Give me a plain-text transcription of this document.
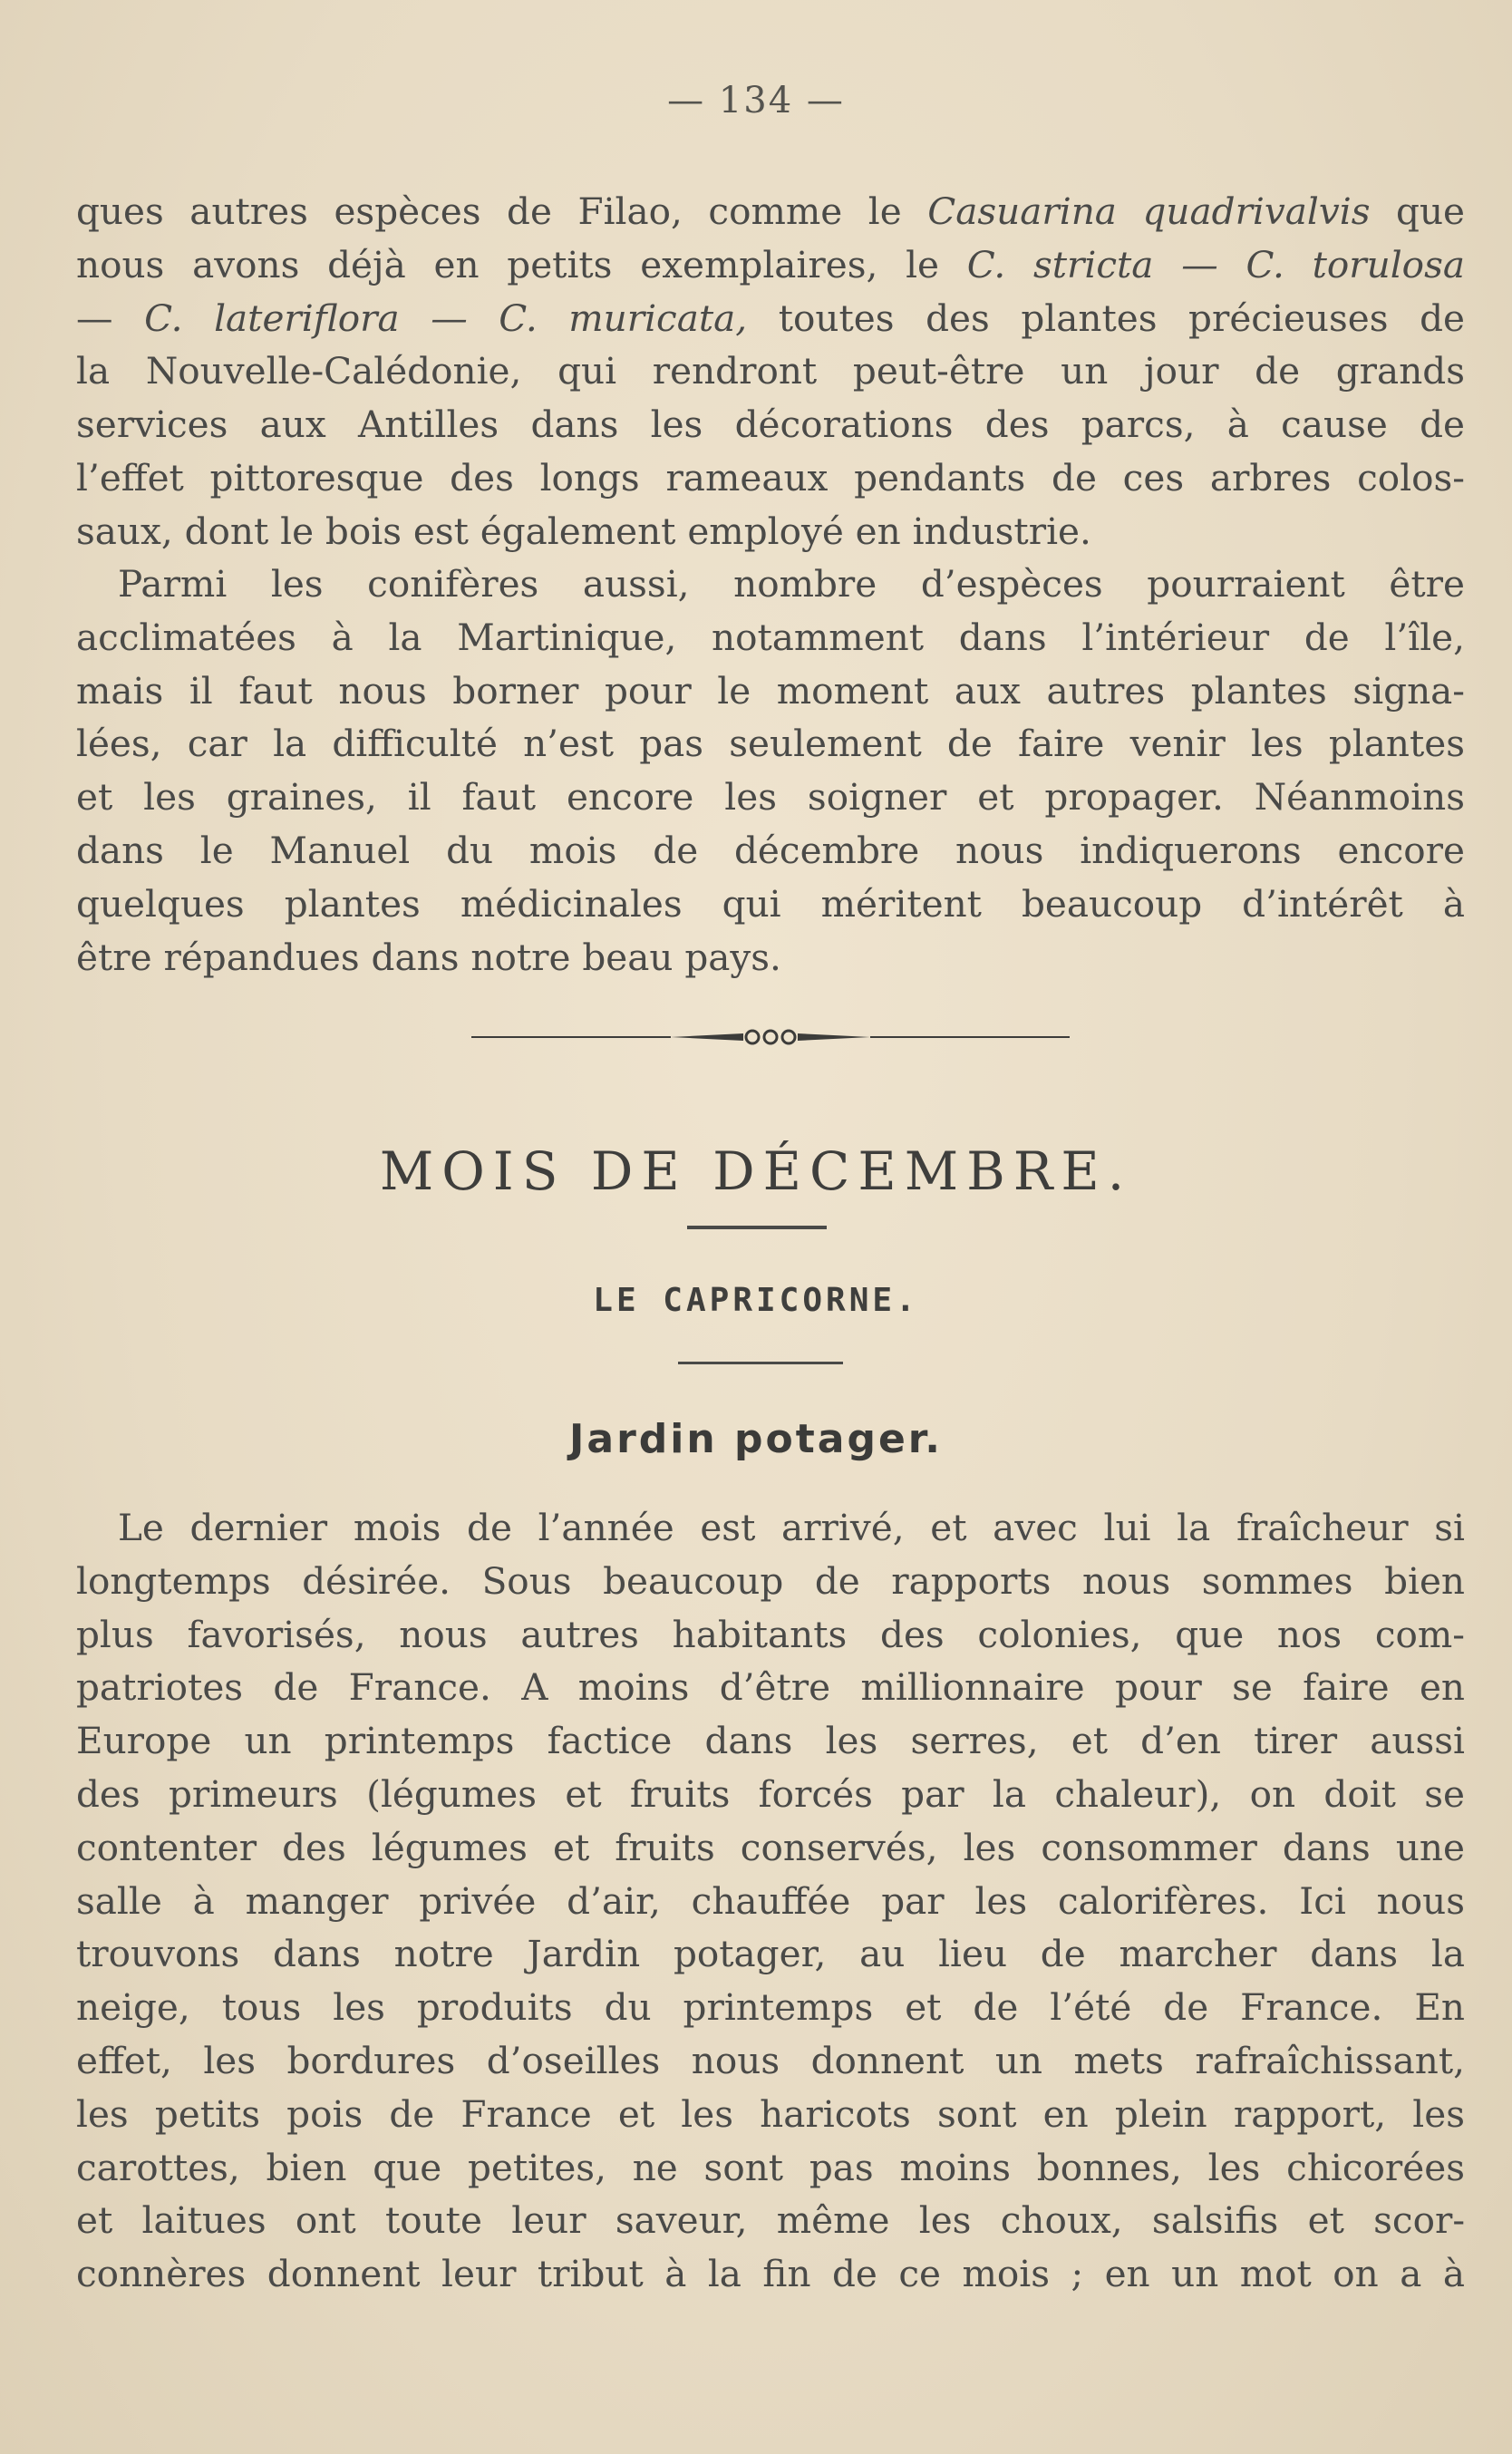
— 134 —
ques autres espèces de Filao, comme le Casuarina quadrivalvis que
nous avons déjà en petits exemplaires, le C. stricta — C. torulosa
— C. lateriflora — C. muricata, toutes des plantes précieuses de
la Nouvelle-Calédonie, qui rendront peut-être un jour de grands
services aux Antilles dans les décorations des parcs, à cause de
l’effet pittoresque des longs rameaux pendants de ces arbres colos-
saux, dont le bois est également employé en industrie.
Parmi les conifères aussi, nombre d’espèces pourraient être
acclimatées à la Martinique, notamment dans l’intérieur de l’île,
mais il faut nous borner pour le moment aux autres plantes signa-
lées, car la difficulté n’est pas seulement de faire venir les plantes
et les graines, il faut encore les soigner et propager. Néanmoins
dans le Manuel du mois de décembre nous indiquerons encore
quelques plantes médicinales qui méritent beaucoup d’intérêt à
être répandues dans notre beau pays.
MOIS DE DÉCEMBRE.
LE CAPRICORNE.
Jardin potager.
Le dernier mois de l’année est arrivé, et avec lui la fraîcheur si
longtemps désirée. Sous beaucoup de rapports nous sommes bien
plus favorisés, nous autres habitants des colonies, que nos com-
patriotes de France. A moins d’être millionnaire pour se faire en
Europe un printemps factice dans les serres, et d’en tirer aussi
des primeurs (légumes et fruits forcés par la chaleur), on doit se
contenter des légumes et fruits conservés, les consommer dans une
salle à manger privée d’air, chauffée par les calorifères. Ici nous
trouvons dans notre Jardin potager, au lieu de marcher dans la
neige, tous les produits du printemps et de l’été de France. En
effet, les bordures d’oseilles nous donnent un mets rafraîchissant,
les petits pois de France et les haricots sont en plein rapport, les
carottes, bien que petites, ne sont pas moins bonnes, les chicorées
et laitues ont toute leur saveur, même les choux, salsifis et scor-
connères donnent leur tribut à la fin de ce mois ; en un mot on a à
